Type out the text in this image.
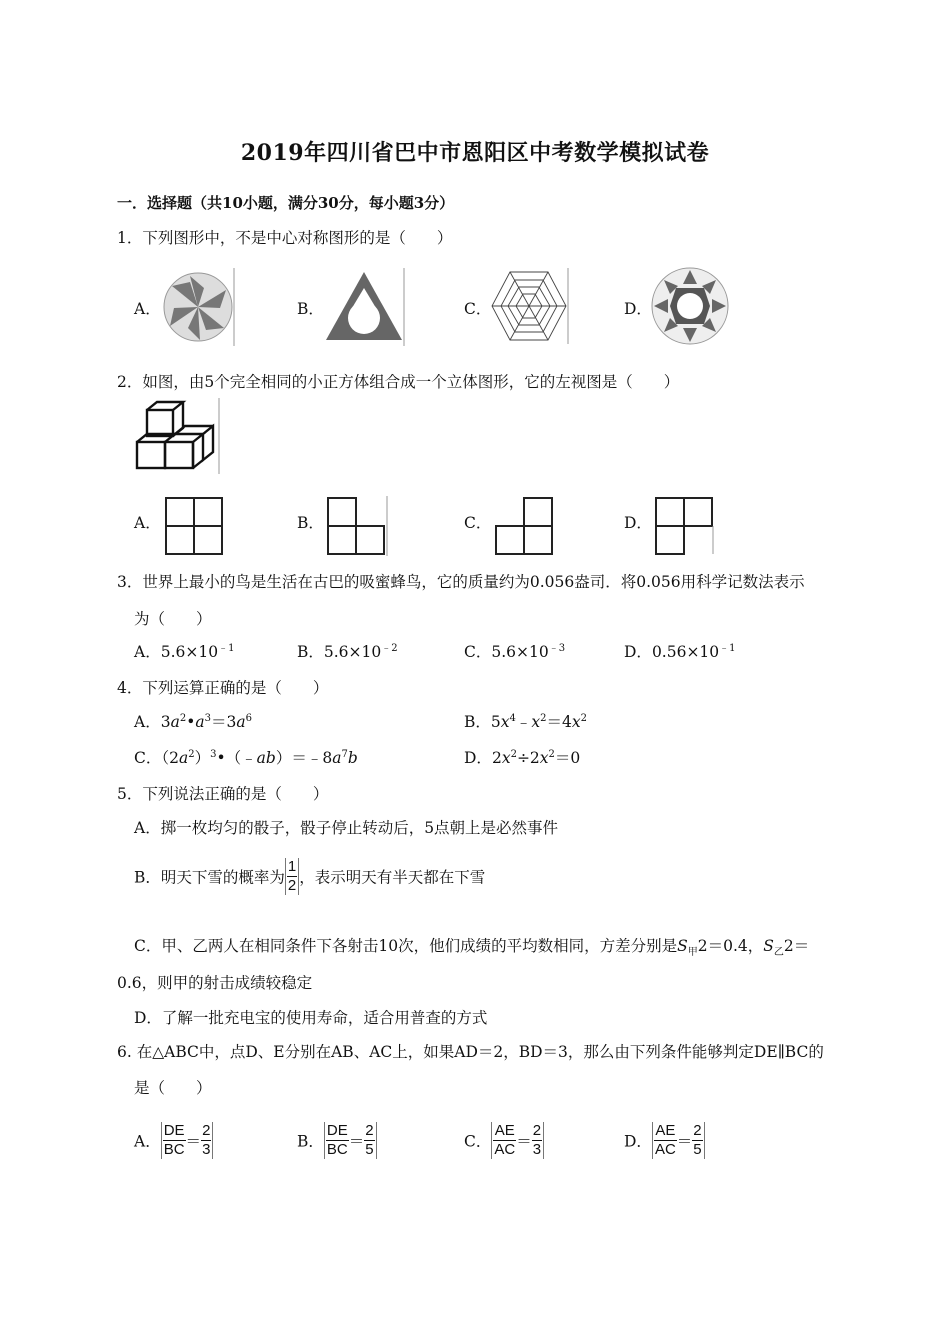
2019年四川省巴中市恩阳区中考数学模拟试卷
一．选择题（共10小题，满分30分，每小题3分）
1．下列图形中，不是中心对称图形的是（　　）
A．	B．	C．	D．
2．如图，由5个完全相同的小正方体组合成一个立体图形，它的左视图是（　　）
A．	B．	C．	D．
3．世界上最小的鸟是生活在古巴的吸蜜蜂鸟，它的质量约为0.056盎司．将0.056用科学记数法表示
为（　　）
A．$5.6\times 10^{﹣1}$	B．$5.6\times 10^{﹣2}$	C．$5.6\times 10^{﹣3}$	D．$0.56\times 10^{﹣1}$
4．下列运算正确的是（　　）
A．$3a^2•a^3=3a^6$	B．$5x^4﹣x^2=4x^2$
C．$(2a^2)^3•(﹣ab)=﹣8a^7b$	D．$2x^2\div 2x^2=0$
5．下列说法正确的是（　　）
A．掷一枚均匀的骰子，骰子停止转动后，5点朝上是必然事件
B．明天下雪的概率为 $\frac{1}{2}$ ，表示明天有半天都在下雪
C．甲、乙两人在相同条件下各射击10次，他们成绩的平均数相同，方差分别是$S_甲2=0.4$，$S_乙2=$
0.6，则甲的射击成绩较稳定
D．了解一批充电宝的使用寿命，适合用普查的方式
6. 在△ABC中，点D、E分别在AB、AC上，如果AD＝2，BD＝3，那么由下列条件能够判定DE∥BC的
是（　　）
A． $\frac{DE}{BC} = \frac{2}{3}$	B． $\frac{DE}{BC} = \frac{2}{5}$	C． $\frac{AE}{AC} = \frac{2}{3}$	D． $\frac{AE}{AC} = \frac{2}{5}$
